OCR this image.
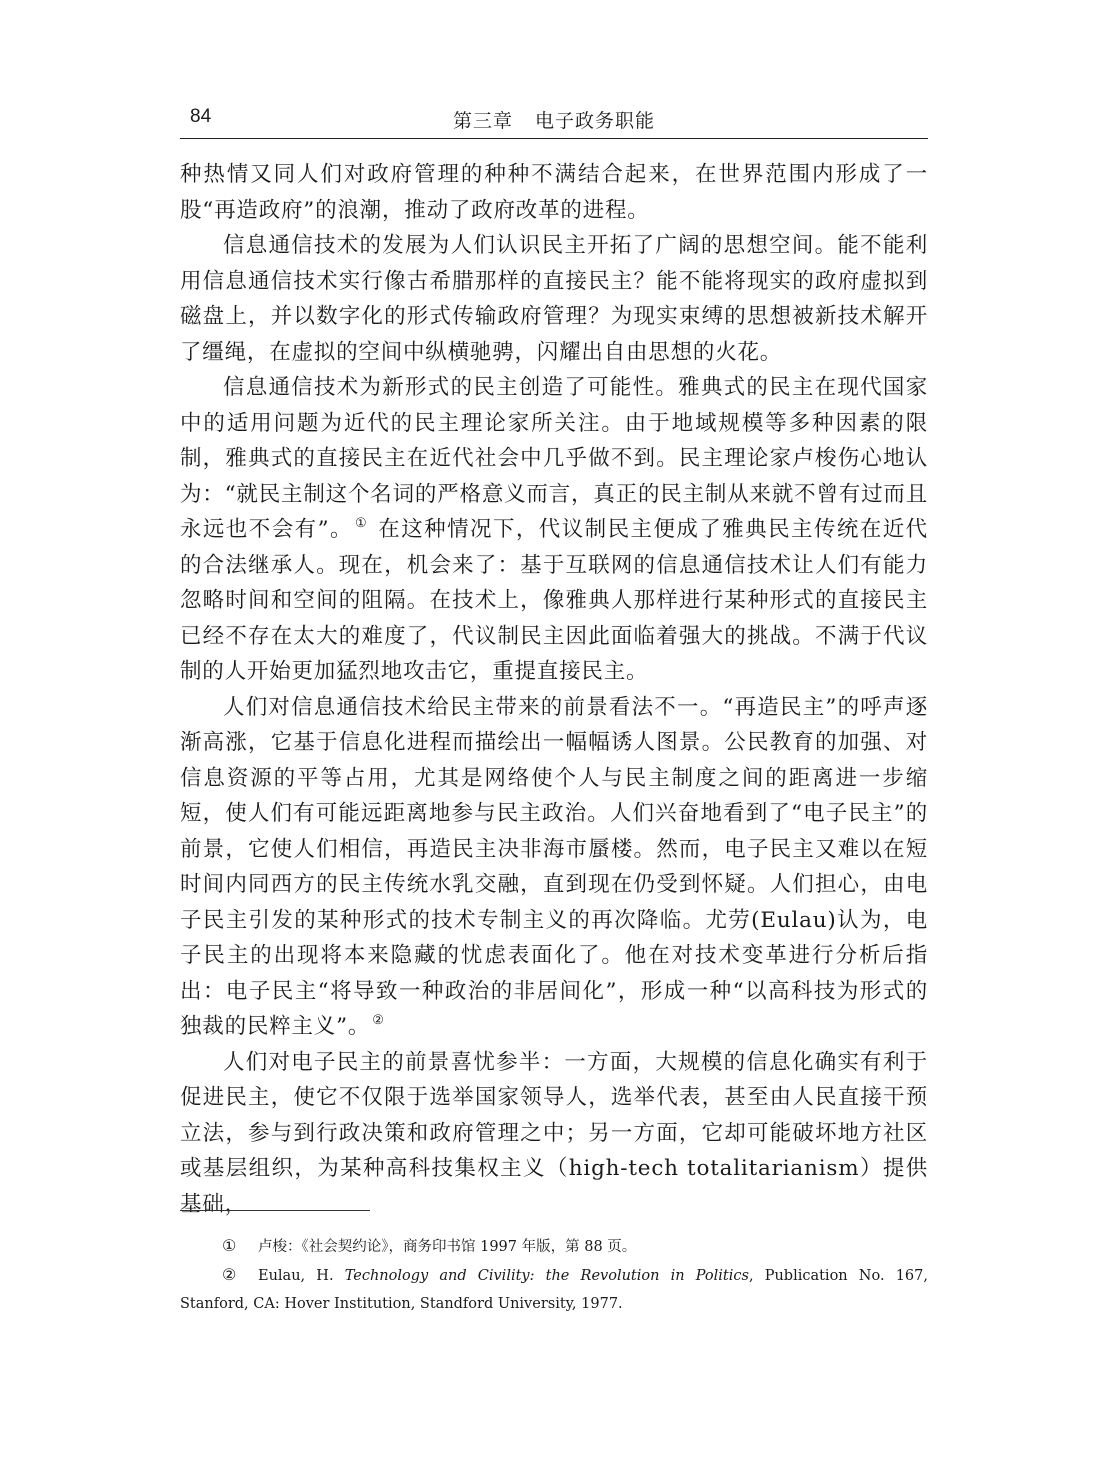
84	第三章 电子政务职能

种热情又同人们对政府管理的种种不满结合起来，在世界范围内形成了一股“再造政府”的浪潮，推动了政府改革的进程。

信息通信技术的发展为人们认识民主开拓了广阔的思想空间。能不能利用信息通信技术实行像古希腊那样的直接民主？能不能将现实的政府虚拟到磁盘上，并以数字化的形式传输政府管理？为现实束缚的思想被新技术解开了缰绳，在虚拟的空间中纵横驰骋，闪耀出自由思想的火花。

信息通信技术为新形式的民主创造了可能性。雅典式的民主在现代国家中的适用问题为近代的民主理论家所关注。由于地域规模等多种因素的限制，雅典式的直接民主在近代社会中几乎做不到。民主理论家卢梭伤心地认为：“就民主制这个名词的严格意义而言，真正的民主制从来就不曾有过而且永远也不会有”。 ① 在这种情况下，代议制民主便成了雅典民主传统在近代的合法继承人。现在，机会来了：基于互联网的信息通信技术让人们有能力忽略时间和空间的阻隔。在技术上，像雅典人那样进行某种形式的直接民主已经不存在太大的难度了，代议制民主因此面临着强大的挑战。不满于代议制的人开始更加猛烈地攻击它，重提直接民主。

人们对信息通信技术给民主带来的前景看法不一。“再造民主”的呼声逐渐高涨，它基于信息化进程而描绘出一幅幅诱人图景。公民教育的加强、对信息资源的平等占用，尤其是网络使个人与民主制度之间的距离进一步缩短，使人们有可能远距离地参与民主政治。人们兴奋地看到了“电子民主”的前景，它使人们相信，再造民主决非海市蜃楼。然而，电子民主又难以在短时间内同西方的民主传统水乳交融，直到现在仍受到怀疑。人们担心，由电子民主引发的某种形式的技术专制主义的再次降临。尤劳(Eulau)认为，电子民主的出现将本来隐藏的忧虑表面化了。他在对技术变革进行分析后指出：电子民主“将导致一种政治的非居间化”，形成一种“以高科技为形式的独裁的民粹主义”。 ②

人们对电子民主的前景喜忧参半：一方面，大规模的信息化确实有利于促进民主，使它不仅限于选举国家领导人，选举代表，甚至由人民直接干预立法，参与到行政决策和政府管理之中；另一方面，它却可能破坏地方社区或基层组织，为某种高科技集权主义（high-tech totalitarianism）提供基础，

① 卢梭：《社会契约论》，商务印书馆 1997 年版，第 88 页。

② Eulau, H. Technology and Civility: the Revolution in Politics, Publication No. 167, Stanford, CA: Hover Institution, Standford University, 1977.
